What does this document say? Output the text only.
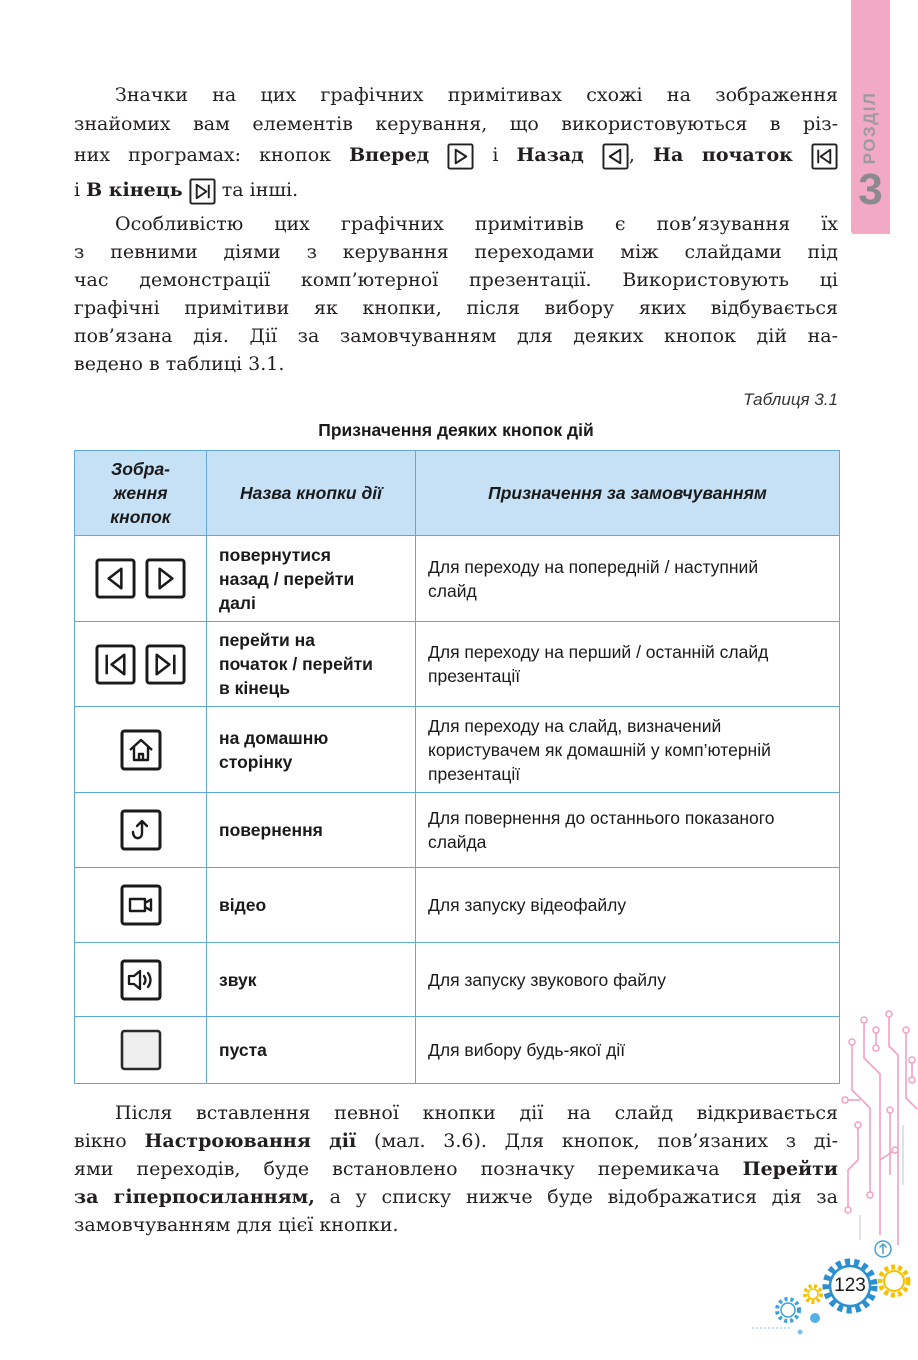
РОЗДІЛ
3
Значки на цих графічних примітивах схожі на зображення
знайомих вам елементів керування, що використовуються в різ-
них програмах: кнопок Вперед	і Назад , На початок
і В кінець та інші.
Особливістю цих графічних примітивів є пов’язування їх
з певними діями з керування переходами між слайдами під
час демонстрації комп’ютерної презентації. Використовують ці
графічні примітиви як кнопки, після вибору яких відбувається
пов’язана дія. Дії за замовчуванням для деяких кнопок дій на-
ведено в таблиці 3.1.
Таблиця 3.1
Призначення деяких кнопок дій
Зобра-
ження
кнопок	Назва кнопки дії	Призначення за замовчуванням

	повернутися
назад / перейти
далі	Для переходу на попередній / наступний
слайд

	перейти на
початок / перейти
в кінець	Для переходу на перший / останній слайд
презентації

	на домашню
сторінку	Для переходу на слайд, визначений
користувачем як домашній у комп’ютерній
презентації

	повернення	Для повернення до останнього показаного
слайда

	відео	Для запуску відеофайлу

	звук	Для запуску звукового файлу

	пуста	Для вибору будь-якої дії
Після вставлення певної кнопки дії на слайд відкривається
вікно Настроювання дії (мал. 3.6). Для кнопок, пов’язаних з ді-
ями переходів, буде встановлено позначку перемикача Перейти
за гіперпосиланням, а у списку нижче буде відображатися дія за
замовчуванням для цієї кнопки.
123
